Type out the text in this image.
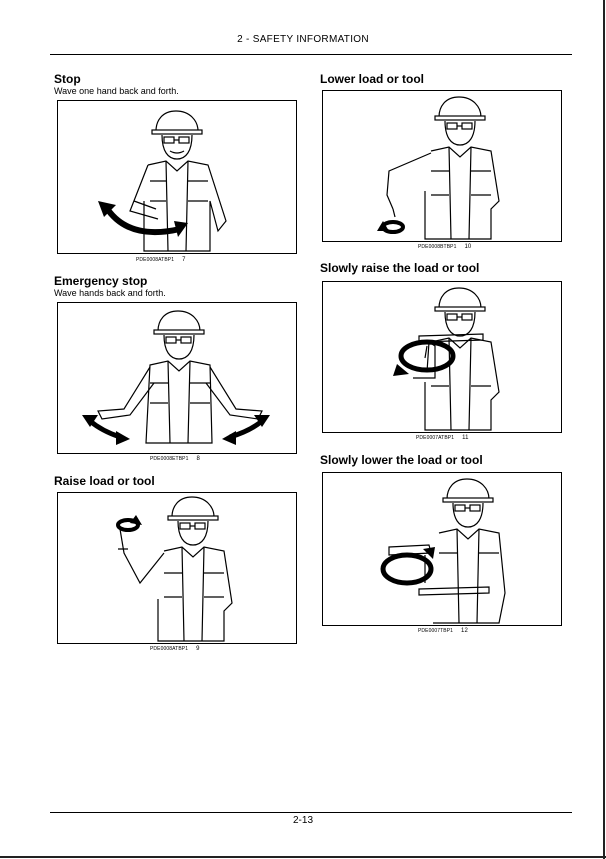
2 - SAFETY INFORMATION
Stop
Wave one hand back and forth.
PDE0008ATBP1 7
Emergency stop
Wave hands back and forth.
PDE0008ETBP1 8
Raise load or tool
PDE0008ATBP1 9
Lower load or tool
PDE0008BTBP1 10
Slowly raise the load or tool
PDE0007ATBP1 11
Slowly lower the load or tool
PDE0007TBP1 12
2-13
